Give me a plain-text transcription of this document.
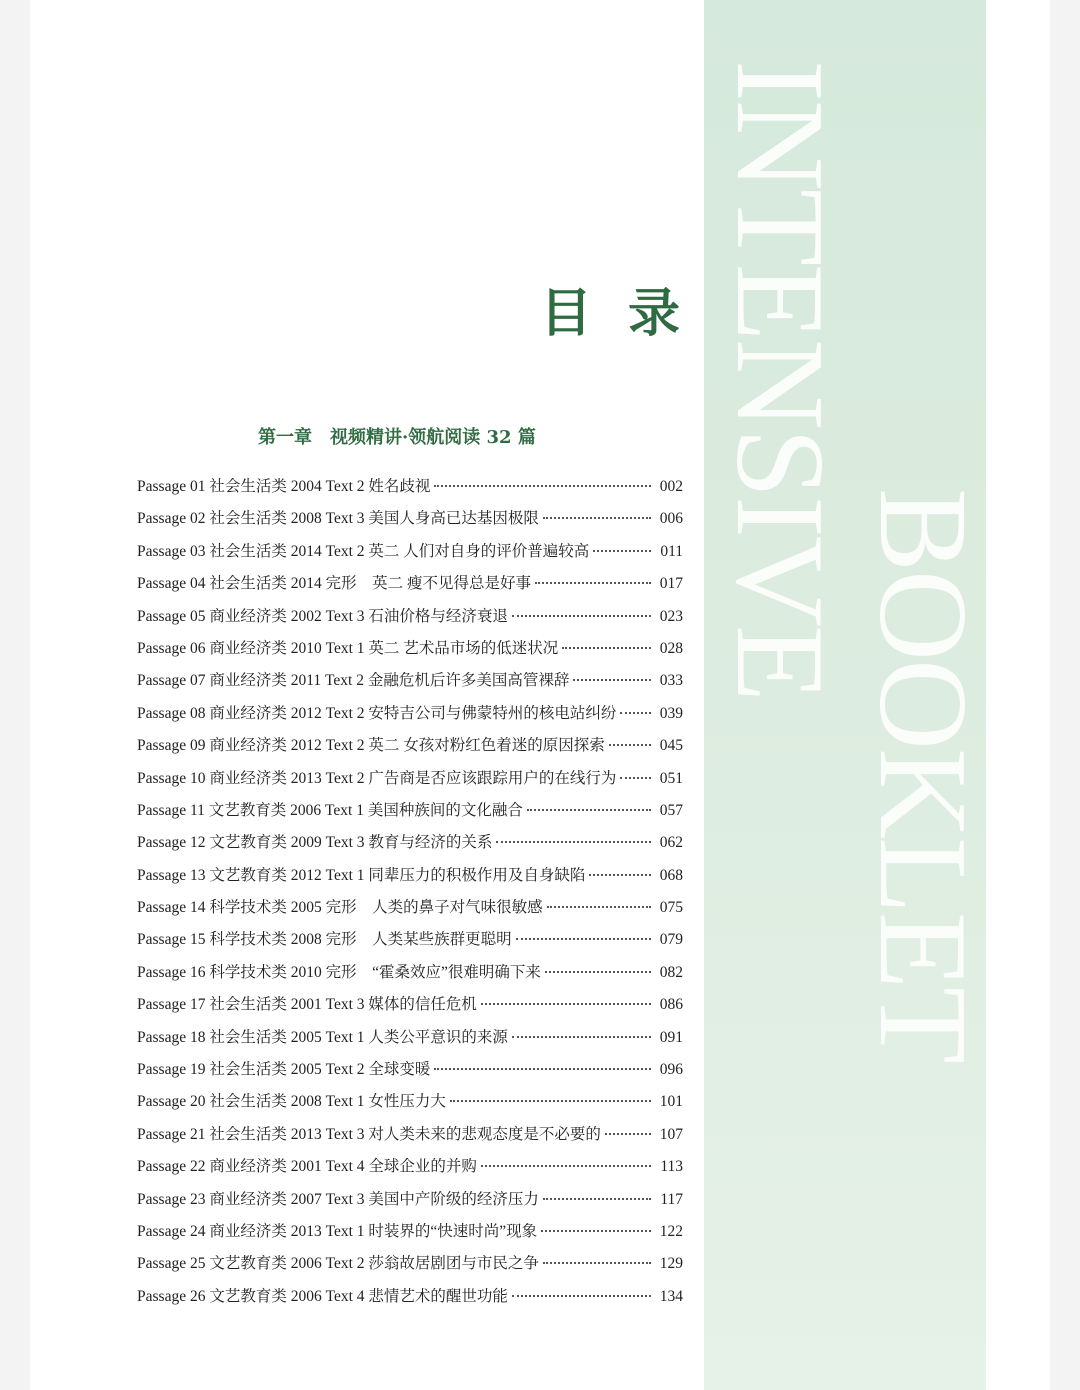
INTENSIVE
BOOKLET
目录
第一章　视频精讲·领航阅读 32 篇
Passage 01 社会生活类 2004 Text 2 姓名歧视	002
Passage 02 社会生活类 2008 Text 3 美国人身高已达基因极限	006
Passage 03 社会生活类 2014 Text 2 英二 人们对自身的评价普遍较高	011
Passage 04 社会生活类 2014 完形　英二 瘦不见得总是好事	017
Passage 05 商业经济类 2002 Text 3 石油价格与经济衰退	023
Passage 06 商业经济类 2010 Text 1 英二 艺术品市场的低迷状况	028
Passage 07 商业经济类 2011 Text 2 金融危机后许多美国高管裸辞	033
Passage 08 商业经济类 2012 Text 2 安特吉公司与佛蒙特州的核电站纠纷	039
Passage 09 商业经济类 2012 Text 2 英二 女孩对粉红色着迷的原因探索	045
Passage 10 商业经济类 2013 Text 2 广告商是否应该跟踪用户的在线行为	051
Passage 11 文艺教育类 2006 Text 1 美国种族间的文化融合	057
Passage 12 文艺教育类 2009 Text 3 教育与经济的关系	062
Passage 13 文艺教育类 2012 Text 1 同辈压力的积极作用及自身缺陷	068
Passage 14 科学技术类 2005 完形　人类的鼻子对气味很敏感	075
Passage 15 科学技术类 2008 完形　人类某些族群更聪明	079
Passage 16 科学技术类 2010 完形　“霍桑效应”很难明确下来	082
Passage 17 社会生活类 2001 Text 3 媒体的信任危机	086
Passage 18 社会生活类 2005 Text 1 人类公平意识的来源	091
Passage 19 社会生活类 2005 Text 2 全球变暖	096
Passage 20 社会生活类 2008 Text 1 女性压力大	101
Passage 21 社会生活类 2013 Text 3 对人类未来的悲观态度是不必要的	107
Passage 22 商业经济类 2001 Text 4 全球企业的并购	113
Passage 23 商业经济类 2007 Text 3 美国中产阶级的经济压力	117
Passage 24 商业经济类 2013 Text 1 时装界的“快速时尚”现象	122
Passage 25 文艺教育类 2006 Text 2 莎翁故居剧团与市民之争	129
Passage 26 文艺教育类 2006 Text 4 悲情艺术的醒世功能	134
